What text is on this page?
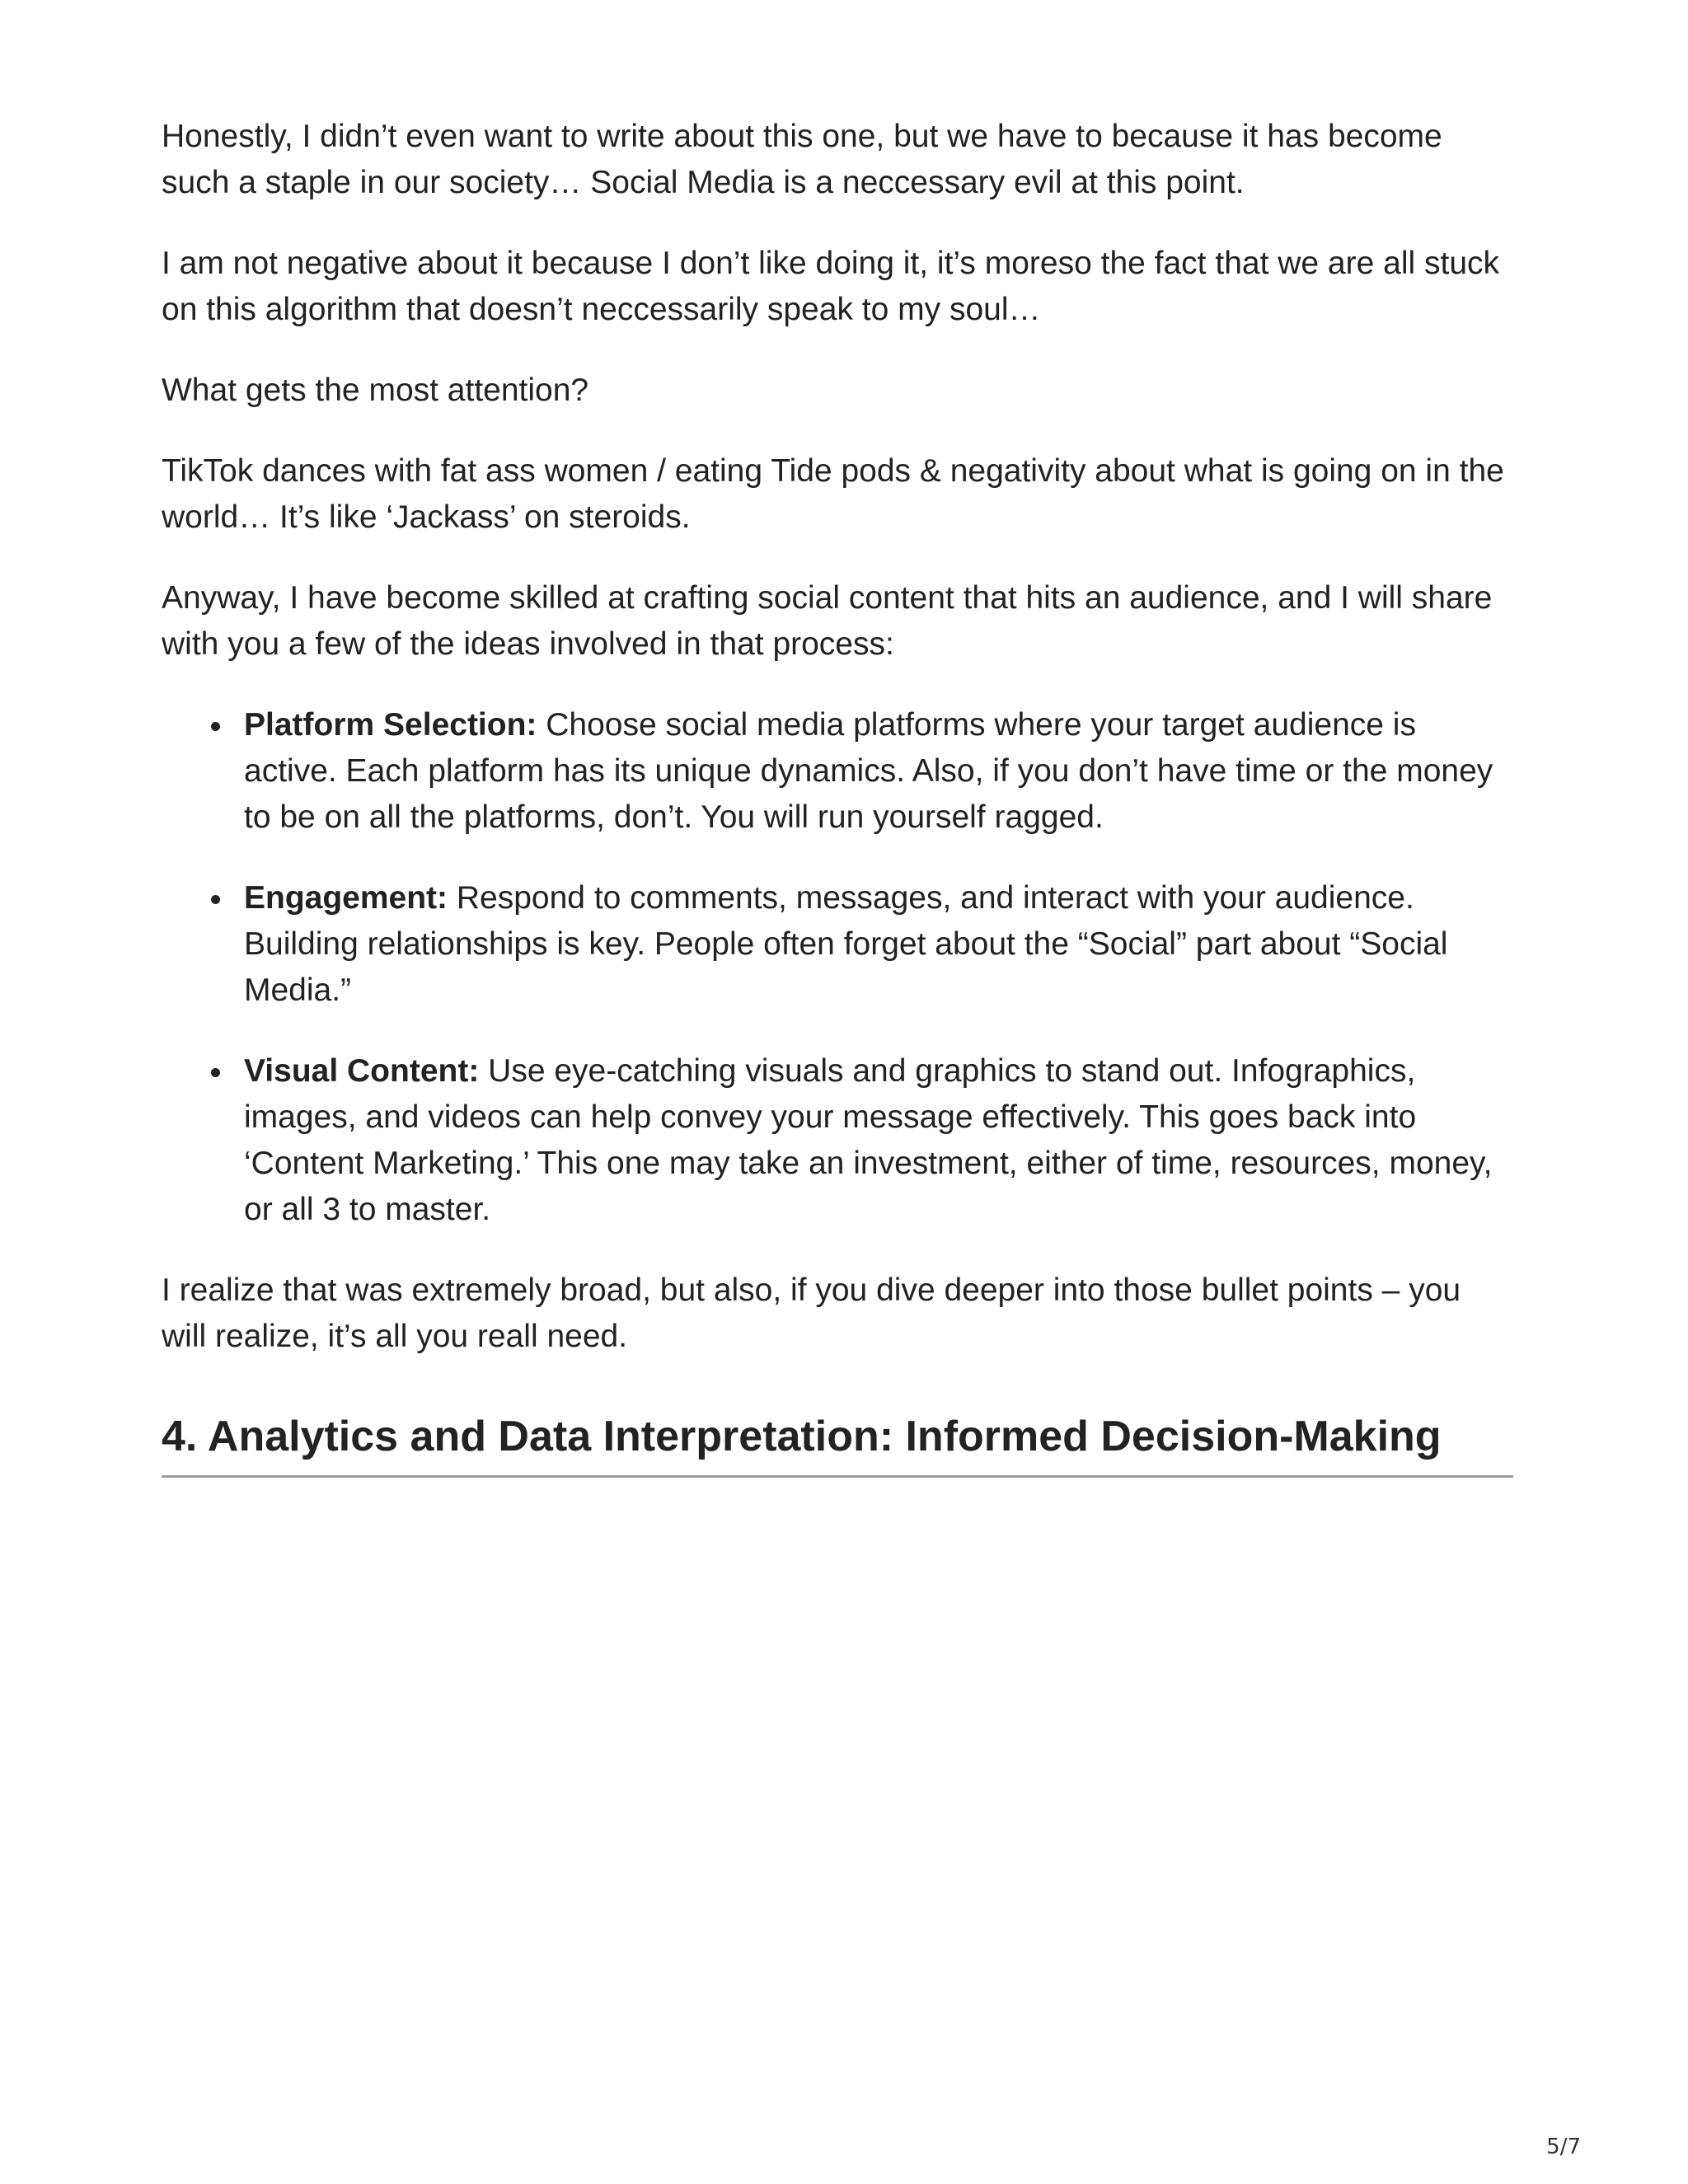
Honestly, I didn’t even want to write about this one, but we have to because it has become such a staple in our society… Social Media is a neccessary evil at this point.

I am not negative about it because I don’t like doing it, it’s moreso the fact that we are all stuck on this algorithm that doesn’t neccessarily speak to my soul…

What gets the most attention?

TikTok dances with fat ass women / eating Tide pods & negativity about what is going on in the world… It’s like ‘Jackass’ on steroids.

Anyway, I have become skilled at crafting social content that hits an audience, and I will share with you a few of the ideas involved in that process:

Platform Selection: Choose social media platforms where your target audience is active. Each platform has its unique dynamics. Also, if you don’t have time or the money to be on all the platforms, don’t. You will run yourself ragged.
Engagement: Respond to comments, messages, and interact with your audience. Building relationships is key. People often forget about the “Social” part about “Social Media.”
Visual Content: Use eye-catching visuals and graphics to stand out. Infographics, images, and videos can help convey your message effectively. This goes back into ‘Content Marketing.’ This one may take an investment, either of time, resources, money, or all 3 to master.

I realize that was extremely broad, but also, if you dive deeper into those bullet points – you will realize, it’s all you reall need.

4. Analytics and Data Interpretation: Informed Decision-Making
5/7
